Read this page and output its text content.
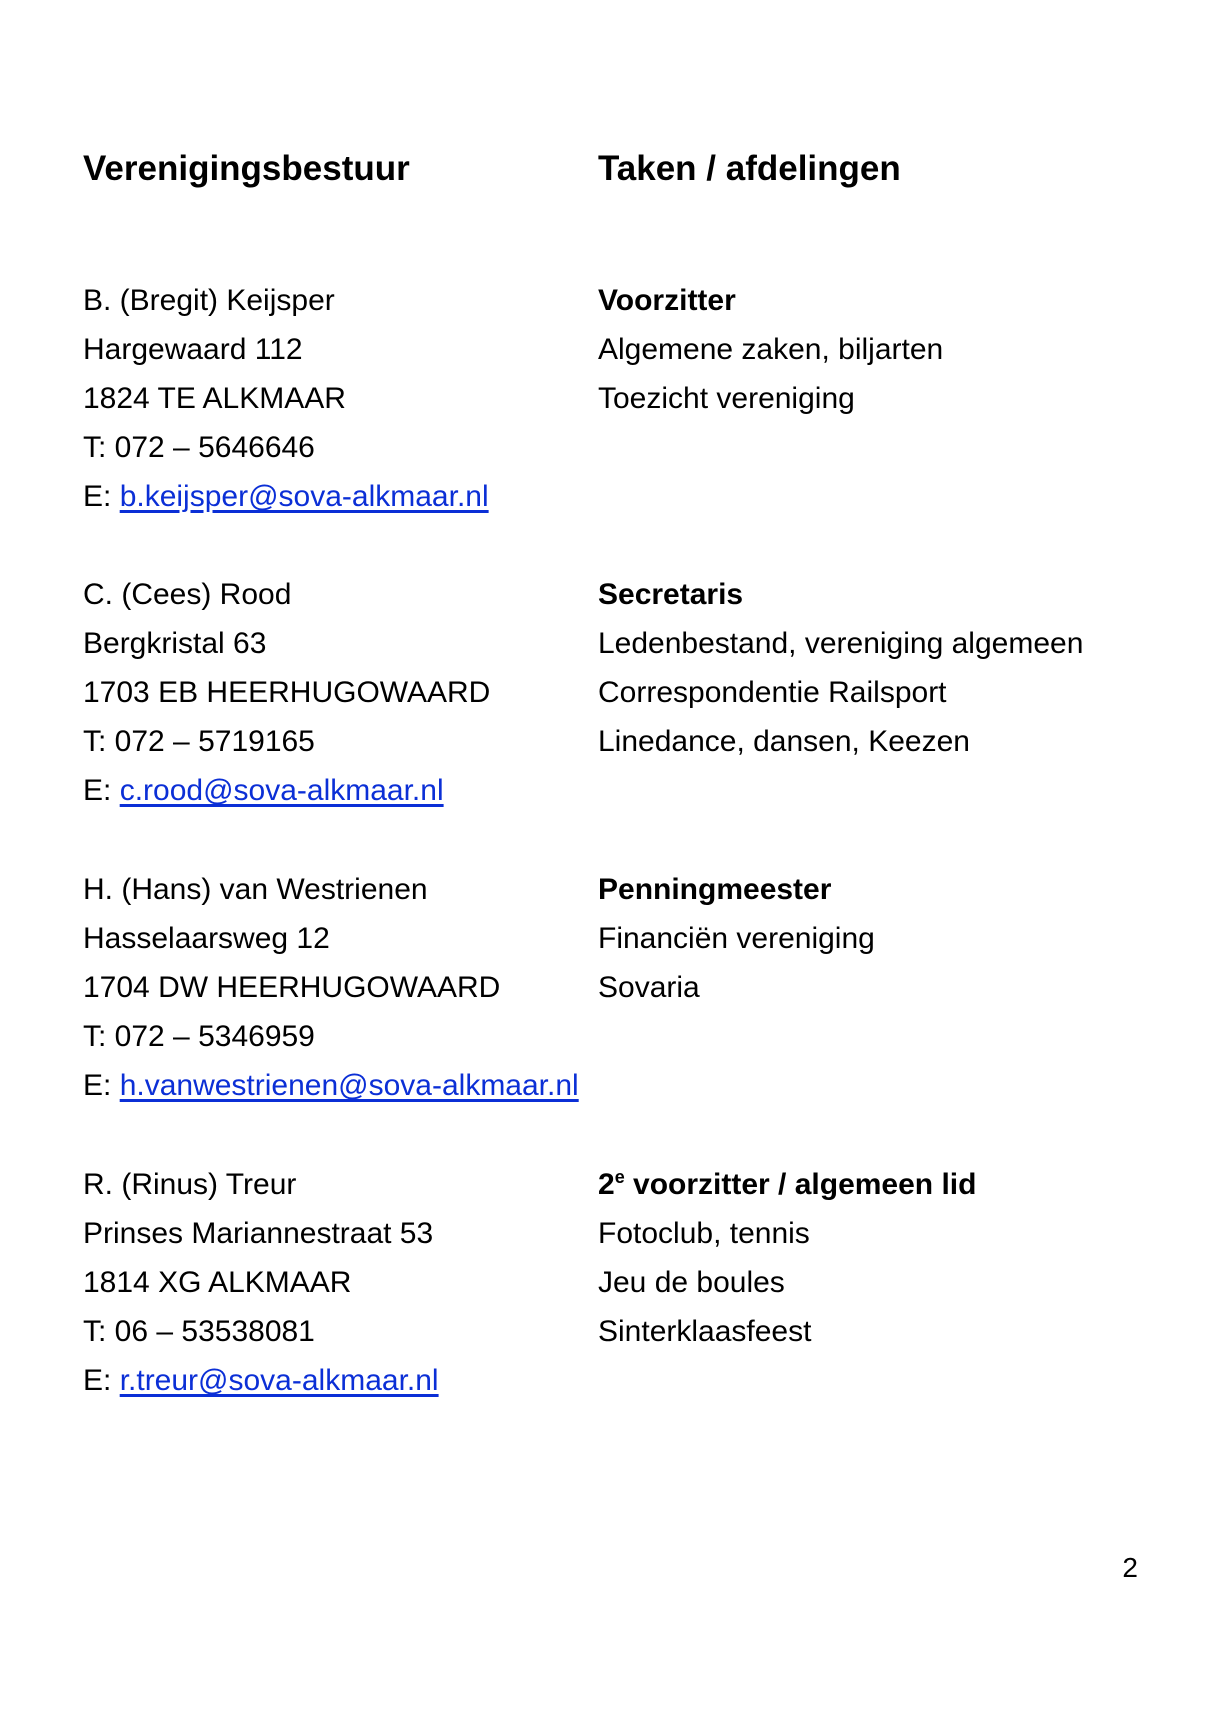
Verenigingsbestuur	Taken / afdelingen
B. (Bregit) Keijsper
Hargewaard 112
1824 TE ALKMAAR
T: 072 – 5646646
E: b.keijsper@sova-alkmaar.nl
Voorzitter
Algemene zaken, biljarten
Toezicht vereniging
C. (Cees) Rood
Bergkristal 63
1703 EB HEERHUGOWAARD
T: 072 – 5719165
E: c.rood@sova-alkmaar.nl
Secretaris
Ledenbestand, vereniging algemeen
Correspondentie Railsport
Linedance, dansen, Keezen
H. (Hans) van Westrienen
Hasselaarsweg 12
1704 DW HEERHUGOWAARD
T: 072 – 5346959
E: h.vanwestrienen@sova-alkmaar.nl
Penningmeester
Financiën vereniging
Sovaria
R. (Rinus) Treur
Prinses Mariannestraat 53
1814 XG ALKMAAR
T: 06 – 53538081
E: r.treur@sova-alkmaar.nl
2e voorzitter / algemeen lid
Fotoclub, tennis
Jeu de boules
Sinterklaasfeest
2
